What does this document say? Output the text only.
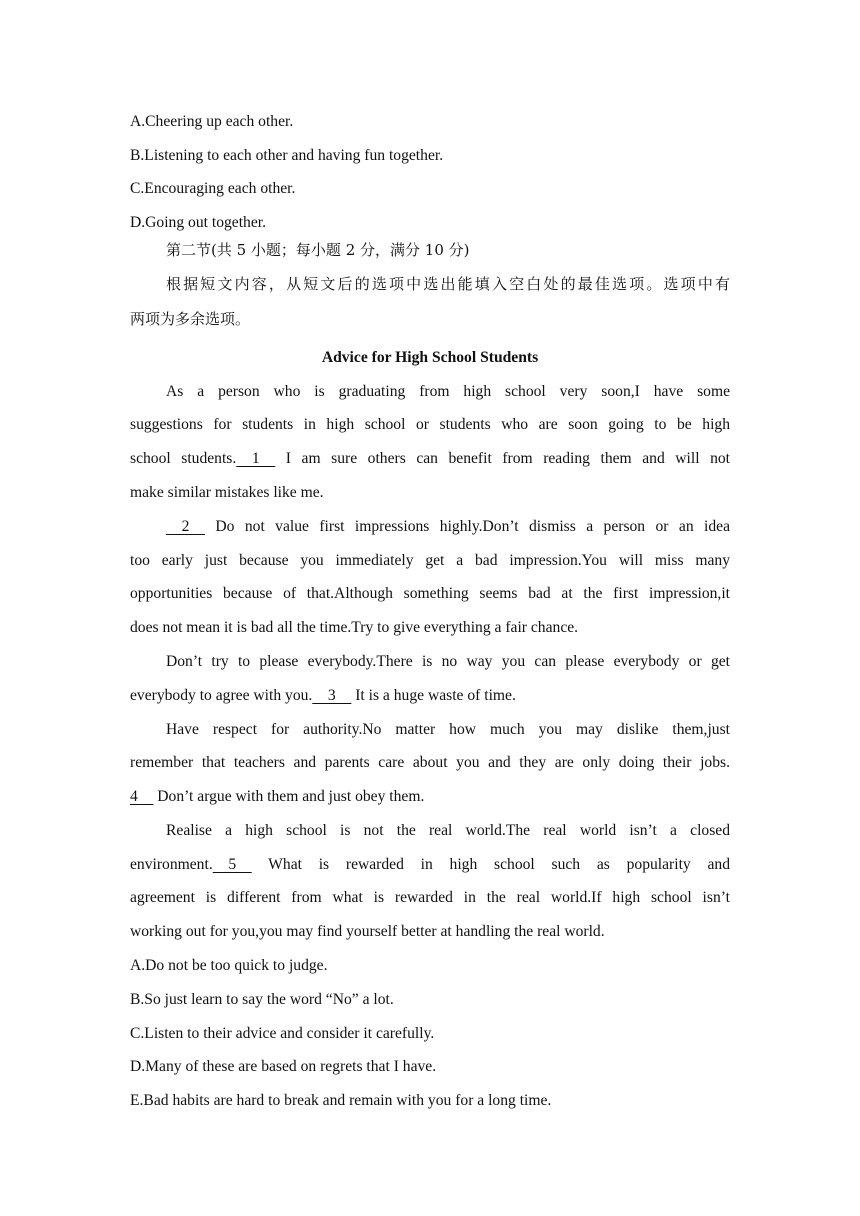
A.Cheering up each other.
B.Listening to each other and having fun together.
C.Encouraging each other.
D.Going out together.
第二节(共 5 小题；每小题 2 分，满分 10 分)
根据短文内容，从短文后的选项中选出能填入空白处的最佳选项。选项中有
两项为多余选项。
Advice for High School Students
As a person who is graduating from high school very soon,I have some
suggestions for students in high school or students who are soon going to be high
school students.    1     I am sure others can benefit from reading them and will not
make similar mistakes like me.
2     Do not value first impressions highly.Don’t dismiss a person or an idea
too early just because you immediately get a bad impression.You will miss many
opportunities because of that.Although something seems bad at the first impression,it
does not mean it is bad all the time.Try to give everything a fair chance.
Don’t try to please everybody.There is no way you can please everybody or get
everybody to agree with you.    3     It is a huge waste of time.
Have respect for authority.No matter how much you may dislike them,just
remember that teachers and parents care about you and they are only doing their jobs.
4     Don’t argue with them and just obey them.
Realise a high school is not the real world.The real world isn’t a closed
environment.    5     What is rewarded in high school such as popularity and
agreement is different from what is rewarded in the real world.If high school isn’t
working out for you,you may find yourself better at handling the real world.
A.Do not be too quick to judge.
B.So just learn to say the word “No” a lot.
C.Listen to their advice and consider it carefully.
D.Many of these are based on regrets that I have.
E.Bad habits are hard to break and remain with you for a long time.
